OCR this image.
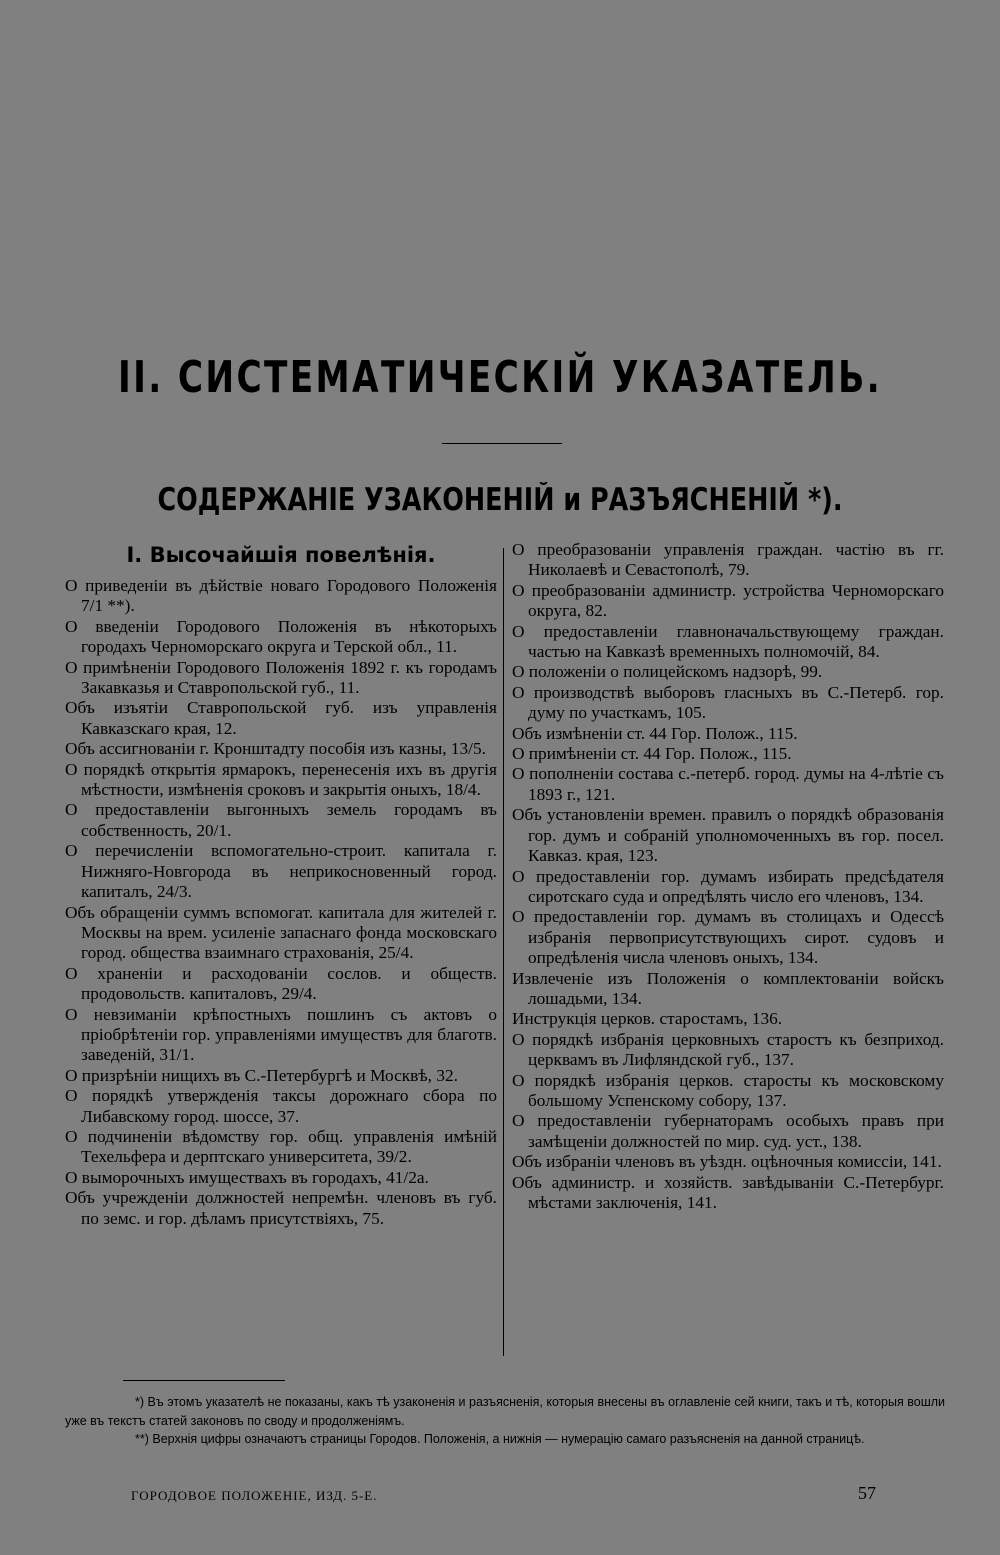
II. СИСТЕМАТИЧЕСКІЙ УКАЗАТЕЛЬ.
СОДЕРЖАНІЕ УЗАКОНЕНІЙ и РАЗЪЯСНЕНІЙ *).
I. Высочайшія повелѣнія.

О приведеніи въ дѣйствіе новаго Городового Положенія 7/1 **).

О введеніи Городового Положенія въ нѣкоторыхъ городахъ Черноморскаго округа и Терской обл., 11.

О примѣненіи Городового Положенія 1892 г. къ городамъ Закавказья и Ставропольской губ., 11.

Объ изъятіи Ставропольской губ. изъ управленія Кавказскаго края, 12.

Объ ассигнованіи г. Кронштадту пособія изъ казны, 13/5.

О порядкѣ открытія ярмарокъ, перенесенія ихъ въ другія мѣстности, измѣненія сроковъ и закрытія оныхъ, 18/4.

О предоставленіи выгонныхъ земель городамъ въ собственность, 20/1.

О перечисленіи вспомогательно-строит. капитала г. Нижняго-Новгорода въ неприкосновенный город. капиталъ, 24/3.

Объ обращеніи суммъ вспомогат. капитала для жителей г. Москвы на врем. усиленіе запаснаго фонда московскаго город. общества взаимнаго страхованія, 25/4.

О храненіи и расходованіи сослов. и обществ. продовольств. капиталовъ, 29/4.

О невзиманіи крѣпостныхъ пошлинъ съ актовъ о пріобрѣтеніи гор. управленіями имуществъ для благотв. заведеній, 31/1.

О призрѣніи нищихъ въ С.-Петербургѣ и Москвѣ, 32.

О порядкѣ утвержденія таксы дорожнаго сбора по Либавскому город. шоссе, 37.

О подчиненіи вѣдомству гор. общ. управленія имѣній Техельфера и дерптскаго университета, 39/2.

О выморочныхъ имуществахъ въ городахъ, 41/2а.

Объ учрежденіи должностей непремѣн. членовъ въ губ. по земс. и гор. дѣламъ присутствіяхъ, 75.

О преобразованіи управленія граждан. частію въ гг. Николаевѣ и Севастополѣ, 79.

О преобразованіи администр. устройства Черноморскаго округа, 82.

О предоставленіи главноначальствующему граждан. частью на Кавказѣ временныхъ полномочій, 84.

О положеніи о полицейскомъ надзорѣ, 99.

О производствѣ выборовъ гласныхъ въ С.-Петерб. гор. думу по участкамъ, 105.

Объ измѣненіи ст. 44 Гор. Полож., 115.

О примѣненіи ст. 44 Гор. Полож., 115.

О пополненіи состава с.-петерб. город. думы на 4-лѣтіе съ 1893 г., 121.

Объ установленіи времен. правилъ о порядкѣ образованія гор. думъ и собраній уполномоченныхъ въ гор. посел. Кавказ. края, 123.

О предоставленіи гор. думамъ избирать предсѣдателя сиротскаго суда и опредѣлять число его членовъ, 134.

О предоставленіи гор. думамъ въ столицахъ и Одессѣ избранія первоприсутствующихъ сирот. судовъ и опредѣленія числа членовъ оныхъ, 134.

Извлеченіе изъ Положенія о комплектованіи войскъ лошадьми, 134.

Инструкція церков. старостамъ, 136.

О порядкѣ избранія церковныхъ старостъ къ безприход. церквамъ въ Лифляндской губ., 137.

О порядкѣ избранія церков. старосты къ московскому большому Успенскому собору, 137.

О предоставленіи губернаторамъ особыхъ правъ при замѣщеніи должностей по мир. суд. уст., 138.

Объ избраніи членовъ въ уѣздн. оцѣночныя комиссіи, 141.

Объ администр. и хозяйств. завѣдываніи С.-Петербург. мѣстами заключенія, 141.

*) Въ этомъ указателѣ не показаны, какъ тѣ узаконенія и разъясненія, которыя внесены въ оглавленіе сей книги, такъ и тѣ, которыя вошли уже въ текстъ статей законовъ по своду и продолженіямъ.

**) Верхнія цифры означаютъ страницы Городов. Положенія, а нижнія — нумерацію самаго разъясненія на данной страницѣ.

ГОРОДОВОЕ ПОЛОЖЕНІЕ, ИЗД. 5-Е.	57
